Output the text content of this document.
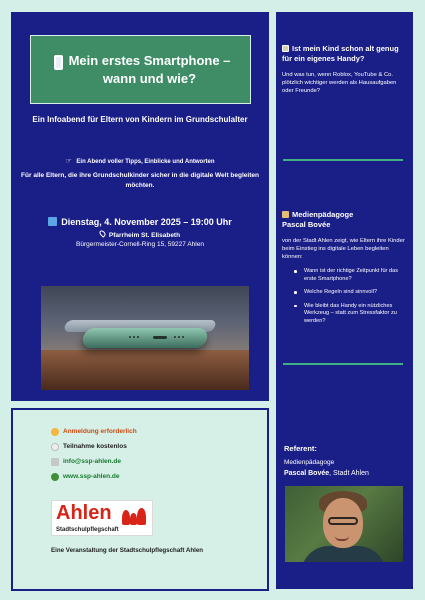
Mein erstes Smartphone – wann und wie?
Ein Infoabend für Eltern von Kindern im Grundschulalter
☞ Ein Abend voller Tipps, Einblicke und Antworten
Für alle Eltern, die ihre Grundschulkinder sicher in die digitale Welt begleiten möchten.
Dienstag, 4. November 2025 – 19:00 Uhr
Pfarrheim St. Elisabeth
Bürgermeister-Cornell-Ring 15, 59227 Ahlen
Ist mein Kind schon alt genug für ein eigenes Handy?
Und was tun, wenn Roblox, YouTube & Co. plötzlich wichtiger werden als Hausaufgaben oder Freunde?
Medienpädagoge
Pascal Bovée
von der Stadt Ahlen zeigt, wie Eltern ihre Kinder beim Einstieg ins digitale Leben begleiten können:
Wann ist der richtige Zeitpunkt für das erste Smartphone?
Welche Regeln sind sinnvoll?
Wie bleibt das Handy ein nützliches Werkzeug – statt zum Stressfaktor zu werden?
Referent:
Medienpädagoge
Pascal Bovée, Stadt Ahlen
Anmeldung erforderlich
Teilnahme kostenlos
info@ssp-ahlen.de
www.ssp-ahlen.de
Ahlen
Stadtschulpflegschaft
Eine Veranstaltung der Stadtschulpflegschaft Ahlen
